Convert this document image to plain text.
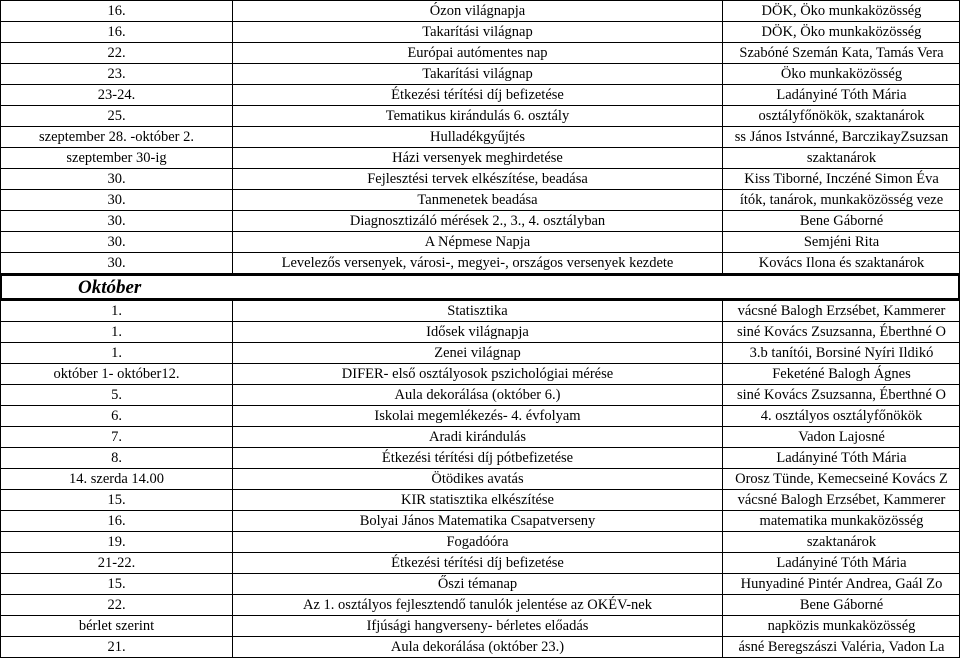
16.	Ózon világnapja	DÖK, Öko munkaközösség
16.	Takarítási világnap	DÖK, Öko munkaközösség
22.	Európai autómentes nap	Szabóné Szemán Kata, Tamás Vera
23.	Takarítási világnap	Öko munkaközösség
23-24.	Étkezési térítési díj befizetése	Ladányiné Tóth Mária
25.	Tematikus kirándulás 6. osztály	osztályfőnökök, szaktanárok
szeptember 28. -október 2.	Hulladékgyűjtés	ss János Istvánné, BarczikayZsuzsan
szeptember 30-ig	Házi versenyek meghirdetése	szaktanárok
30.	Fejlesztési tervek elkészítése, beadása	Kiss Tiborné, Inczéné Simon Éva
30.	Tanmenetek beadása	ítók, tanárok, munkaközösség veze
30.	Diagnosztizáló mérések 2., 3., 4. osztályban	Bene Gáborné
30.	A Népmese Napja	Semjéni Rita
30.	Levelezős versenyek, városi-, megyei-, országos versenyek kezdete	Kovács Ilona és szaktanárok
Október
1.	Statisztika	vácsné Balogh Erzsébet, Kammerer
1.	Idősek világnapja	siné Kovács Zsuzsanna, Éberthné O
1.	Zenei világnap	3.b tanítói, Borsiné Nyíri Ildikó
október 1- október12.	DIFER- első osztályosok pszichológiai mérése	Feketéné Balogh Ágnes
5.	Aula dekorálása (október 6.)	siné Kovács Zsuzsanna, Éberthné O
6.	Iskolai megemlékezés- 4. évfolyam	4. osztályos osztályfőnökök
7.	Aradi kirándulás	Vadon Lajosné
8.	Étkezési térítési díj pótbefizetése	Ladányiné Tóth Mária
14. szerda 14.00	Ötödikes avatás	Orosz Tünde, Kemecseiné Kovács Z
15.	KIR statisztika elkészítése	vácsné Balogh Erzsébet, Kammerer
16.	Bolyai János Matematika Csapatverseny	matematika munkaközösség
19.	Fogadóóra	szaktanárok
21-22.	Étkezési térítési díj befizetése	Ladányiné Tóth Mária
15.	Őszi témanap	Hunyadiné Pintér Andrea, Gaál Zo
22.	Az 1. osztályos fejlesztendő tanulók jelentése az OKÉV-nek	Bene Gáborné
bérlet szerint	Ifjúsági hangverseny- bérletes előadás	napközis munkaközösség
21.	Aula dekorálása (október 23.)	ásné Beregszászi Valéria, Vadon La
